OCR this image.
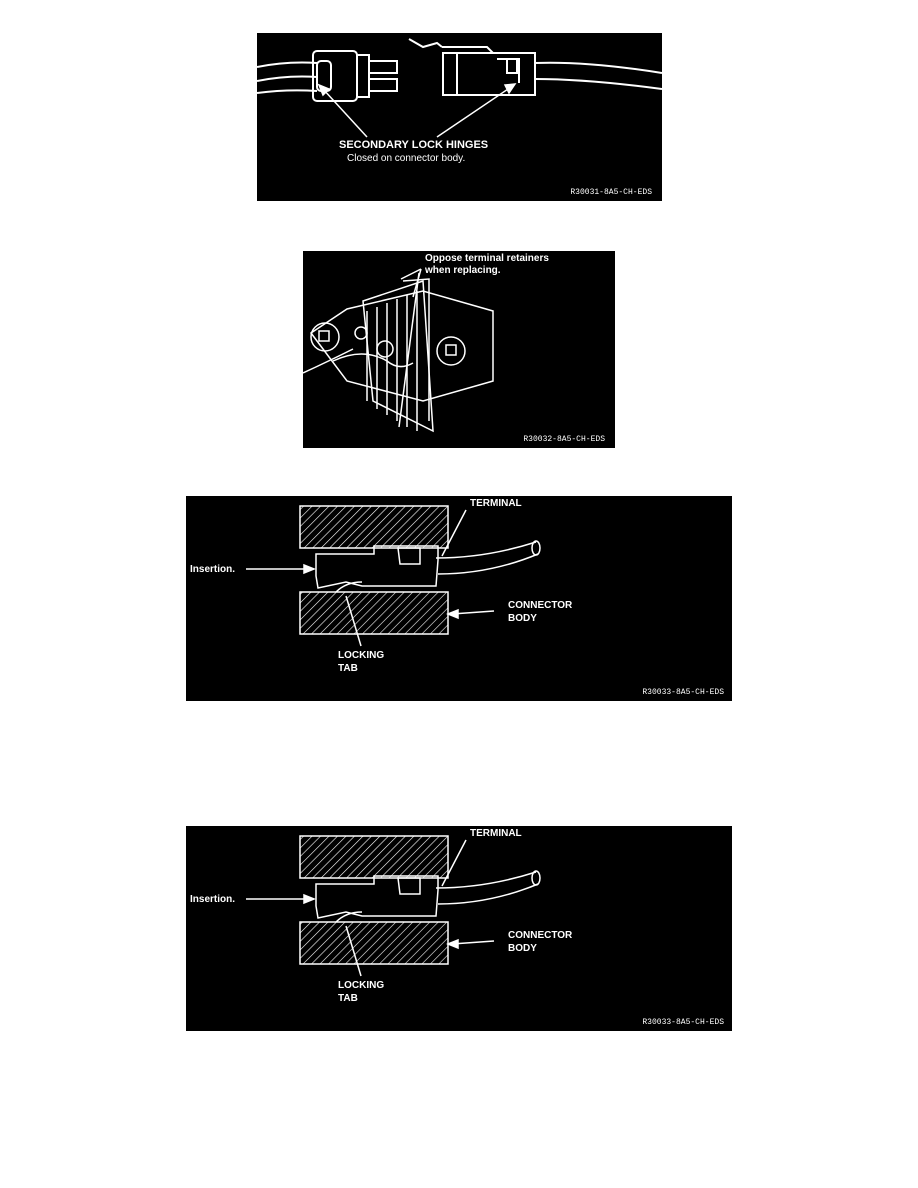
SECONDARY LOCK HINGES
Closed on connector body.
R30031-8A5-CH-EDS
Oppose terminal retainers
when replacing.
R30032-8A5-CH-EDS
TERMINAL
Insertion.
CONNECTOR
BODY
LOCKING
TAB
R30033-8A5-CH-EDS
TERMINAL
Insertion.
CONNECTOR
BODY
LOCKING
TAB
R30033-8A5-CH-EDS
